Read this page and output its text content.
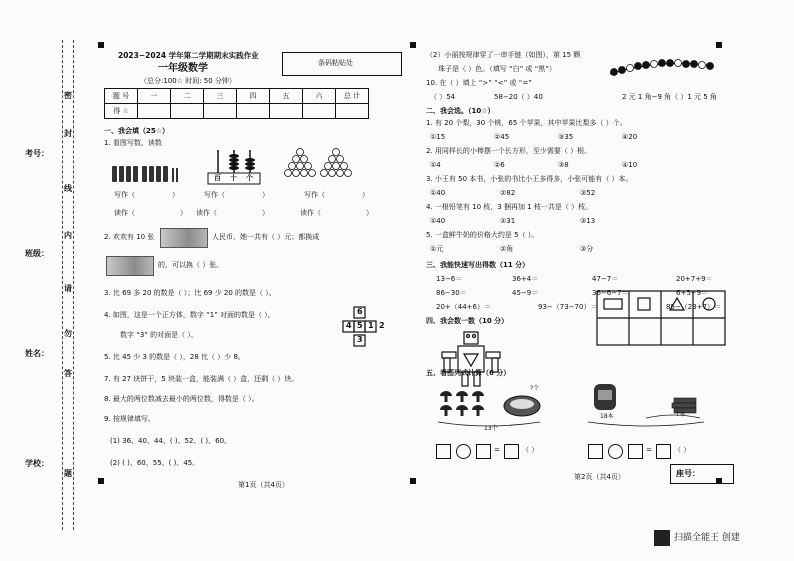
学校：
姓名：
班级：
考号：
题
答
勿
请
内
线
封
密
2023−2024 学年第二学期期末实践作业
一年级数学
（总分:100☆ 时间: 50 分钟）
条码粘贴处
题 号	一	二	三	四	五	六	总 计
得 ☆							
一、我会填（25☆）
1. 看图写数、读数
百 十 个
写作（	）	写作（	）	写作（	）
读作（	） 读作（	）	读作（	）
2. 欢欢有 10 张	人民币，她一共有（ ）元；都换成
的，可以换（ ）张。
3. 比 69 多 20 的数是（ ）；比 69 少 20 的数是（ ）。
4. 如图，这是一个正方体，数字 “1” 对面的数是（ ），
数字 “3” 的对面是（ ）。
6
4 5 1 2
3
5. 比 45 少 3 的数是（ ），28 比（ ）少 8。
7. 有 27 块饼干，5 块装一盒，能装满（ ）盒，还剩（ ）块。
8. 最大的两位数减去最小的两位数，得数是（ ）。
9. 按规律填写。
(1) 36、40、44、( )、52、( )、60。
(2) ( )、60、55、( )、45。
第1页（共4页）
（2）小丽按规律穿了一串手链（如图），第 15 颗
珠子是（ ）色。（填写 “白” 或 “黑”）
10. 在（ ）填上 “>” “<” 或 “=”
（ ）54	58−20（ ）40	2 元 1 角−9 角（ ）1 元 5 角
二、我会选。（10☆）
1. 有 20 个梨，30 个桃，65 个苹果，其中苹果比梨多（ ）个。
①15	②45	③35	④20
2. 用同样长的小棒摆一个长方形，至少需要（ ）根。
①4	②6	③8	④10
3. 小王有 50 本书，小张的书比小王多得多，小张可能有（ ）本。
①40	②82	③52
4. 一根铅笔有 10 枝，3 捆再加 1 枝一共是（ ）枝。
①40	②31	③13
5. 一盒鲜牛奶的价格大约是 5（ ）。
①元	②角	③分
三、我能快速写出得数（11 分）
13−6＝	36+4＝	47−7＝	20+7+9＝
86−30＝	45−9＝	36−6−7＝	6+5−9＝
20+（44+6）＝	93−（73−70）＝	85−（23+7）＝
四、我会数一数（10 分）
五、看图列式计算（6 分）
?个
13个
18本	?本
=	（ ）	=	（ ）
第2页（共4页）	座号：
扫描全能王 创建
